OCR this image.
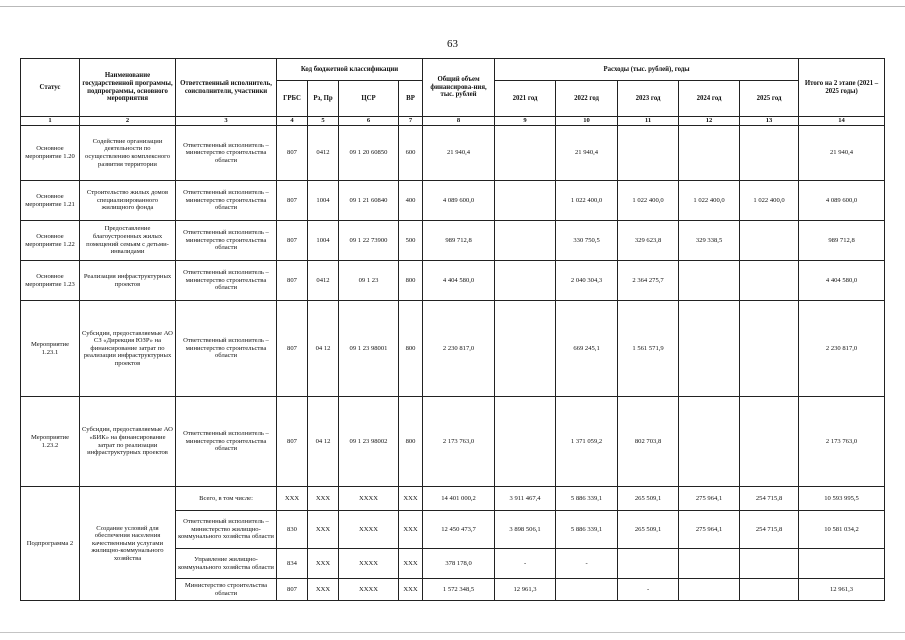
63
Статус	Наименование государственной программы, подпрограммы, основного мероприятия	Ответственный исполнитель, соисполнители, участники	Код бюджетной классификации				Общий объем финансирова-ния, тыс. рублей	Расходы (тыс. рублей), годы					Итого на 2 этапе (2021 – 2025 годы)
			ГРБС	Рз, Пр	ЦСР	ВР		2021 год	2022 год	2023 год	2024 год	2025 год	
1	2	3	4	5	6	7	8	9	10	11	12	13	14
Основное мероприятие 1.20	Содействие организации деятельности по осуществлению комплексного развития территории	Ответственный исполнитель – министерство строительства области	807	0412	09 1 20 60850	600	21 940,4		21 940,4				21 940,4
Основное мероприятие 1.21	Строительство жилых домов специализированного жилищного фонда	Ответственный исполнитель – министерство строительства области	807	1004	09 1 21 60840	400	4 089 600,0		1 022 400,0	1 022 400,0	1 022 400,0	1 022 400,0	4 089 600,0
Основное мероприятие 1.22	Предоставление благоустроенных жилых помещений семьям с детьми-инвалидами	Ответственный исполнитель – министерство строительства области	807	1004	09 1 22 73900	500	989 712,8		330 750,5	329 623,8	329 338,5		989 712,8
Основное мероприятие 1.23	Реализация инфраструктурных проектов	Ответственный исполнитель – министерство строительства области	807	0412	09 1 23	800	4 404 580,0		2 040 304,3	2 364 275,7			4 404 580,0
Мероприятие 1.23.1	Субсидии, предоставляемые АО СЗ «Дирекция ЮЗР» на финансирование затрат по реализации инфраструктурных проектов	Ответственный исполнитель – министерство строительства области	807	04 12	09 1 23 98001	800	2 230 817,0		669 245,1	1 561 571,9			2 230 817,0
Мероприятие 1.23.2	Субсидии, предоставляемые АО «БИК» на финансирование затрат по реализации инфраструктурных проектов	Ответственный исполнитель – министерство строительства области	807	04 12	09 1 23 98002	800	2 173 763,0		1 371 059,2	802 703,8			2 173 763,0
Подпрограмма 2	Создание условий для обеспечения населения качественными услугами жилищно-коммунального хозяйства	Всего, в том числе:	XXX	XXX	XXXX	XXX	14 401 000,2	3 911 467,4	5 886 339,1	265 509,1	275 964,1	254 715,8	10 593 995,5
		Ответственный исполнитель – министерство жилищно-коммунального хозяйства области	830	XXX	XXXX	XXX	12 450 473,7	3 898 506,1	5 886 339,1	265 509,1	275 964,1	254 715,8	10 581 034,2
		Управление жилищно-коммунального хозяйства области	834	XXX	XXXX	XXX	378 178,0	-	-				
		Министерство строительства области	807	XXX	XXXX	XXX	1 572 348,5	12 961,3		-			12 961,3
